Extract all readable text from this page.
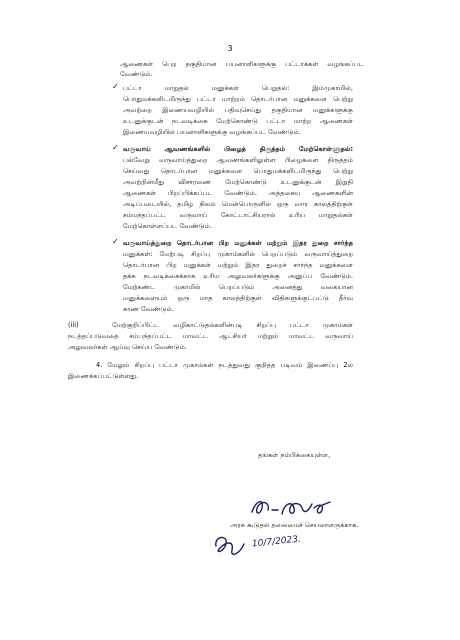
3
ஆணைகள் பெற தகுதியான பயனாளிகளுக்கு பட்டாக்கள் வழங்கப்பட
வேண்டும்.
✓ பட்டா மாறுதல் மனுக்கள் பெறுதல்: இம்முகாமில்,
பொதுமக்களிடமிருந்து பட்டா மாற்றம் தொடர்பான மனுக்களை பெற்று
அவற்றை இணையவழியில் பதிவுசெய்து தகுதியான மனுக்களுக்கு
உடனுக்குடன் நடவடிக்கை மேற்கொண்டு பட்டா மாற்ற ஆணைகள்
இணையவழியில் பயனாளிகளுக்கு வழங்கப்பட வேண்டும்.
✓ வருவாய் ஆவணங்களில் பிழைத் திருத்தம் மேற்கொள்ளுதல்:
பல்வேறு வருவாய்த்துறை ஆவணங்களிலுள்ள பிழைகளை திருத்தம்
செய்வது தொடர்பான மனுக்களை பொதுமக்களிடமிருந்து பெற்று
அவற்றின்மீது விசாரணை மேற்கொண்டு உடனுக்குடன் இறுதி
ஆணைகள் பிறப்பிக்கப்பட வேண்டும். அத்தகைய ஆணைகளின்
அடிப்படையில், தமிழ் நிலம் மென்பொருளில் ஒரு வார காலத்திற்குள்
சம்மந்தப்பட்ட வருவாய் கோட்டாட்சியரால் உரிய மாறுதல்கள்
மேற்கொள்ளப்பட வேண்டும்.
✓ வருவாய்த்துறை தொடர்பான பிற மனுக்கள் மற்றும் இதர துறை சார்ந்த
மனுக்கள்: மேற்படி சிறப்பு முகாம்களில் பெறப்படும் வருவாய்த்துறை
தொடர்பான பிற மனுக்கள் மற்றும் இதர துறைச் சார்ந்த மனுக்களை
தக்க நடவடிக்கைக்காக உரிய அலுவலர்களுக்கு அனுப்ப வேண்டும்.
மேற்கண்ட முகாமில் பெறப்படும் அனைத்து வகையான
மனுக்களையும் ஒரு மாத காலத்திற்குள் விதிகளுக்குட்பட்டு தீர்வு
காண வேண்டும்.
(iii)	மேற்குறிப்பிட்ட வழிகாட்டுதல்களின்படி சிறப்பு பட்டா முகாம்கள்
நடத்தப்படுவதை சம்பந்தப்பட்ட மாவட்ட ஆட்சியர் மற்றும் மாவட்ட வருவாய்
அலுவலர்கள் ஆய்வு செய்ய வேண்டும்.
4. மேலும் சிறப்பு பட்டா முகாம்கள் நடத்துவது குறித்த படிவம் இணைப்பு 2ல்
இணைக்கப்பட்டுள்ளது.
தங்கள் நம்பிக்கையுள்ள,
அரசு கூடுதல் தலைமைச் செயலாளருக்காக.
10/7/2023.
